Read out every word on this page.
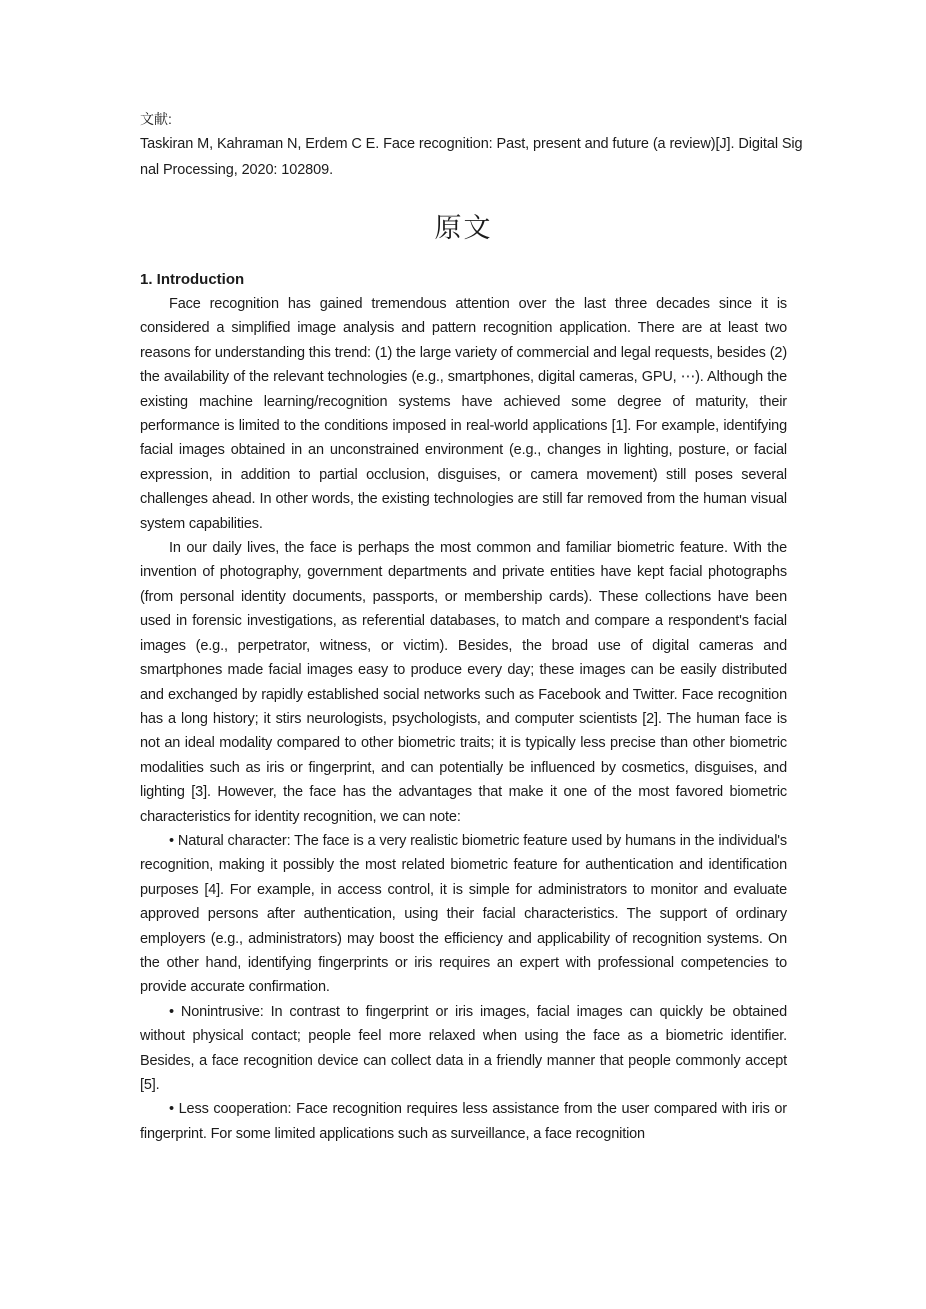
文献:
Taskiran M, Kahraman N, Erdem C E. Face recognition: Past, present and future (a review)[J]. Digital Sig
nal Processing, 2020: 102809.
原文
1. Introduction

Face recognition has gained tremendous attention over the last three decades since it is considered a simplified image analysis and pattern recognition application. There are at least two reasons for understanding this trend: (1) the large variety of commercial and legal requests, besides (2) the availability of the relevant technologies (e.g., smartphones, digital cameras, GPU, ⋯). Although the existing machine learning/recognition systems have achieved some degree of maturity, their performance is limited to the conditions imposed in real-world applications [1]. For example, identifying facial images obtained in an unconstrained environment (e.g., changes in lighting, posture, or facial expression, in addition to partial occlusion, disguises, or camera movement) still poses several challenges ahead. In other words, the existing technologies are still far removed from the human visual system capabilities.

In our daily lives, the face is perhaps the most common and familiar biometric feature. With the invention of photography, government departments and private entities have kept facial photographs (from personal identity documents, passports, or membership cards). These collections have been used in forensic investigations, as referential databases, to match and compare a respondent's facial images (e.g., perpetrator, witness, or victim). Besides, the broad use of digital cameras and smartphones made facial images easy to produce every day; these images can be easily distributed and exchanged by rapidly established social networks such as Facebook and Twitter. Face recognition has a long history; it stirs neurologists, psychologists, and computer scientists [2]. The human face is not an ideal modality compared to other biometric traits; it is typically less precise than other biometric modalities such as iris or fingerprint, and can potentially be influenced by cosmetics, disguises, and lighting [3]. However, the face has the advantages that make it one of the most favored biometric characteristics for identity recognition, we can note:

• Natural character: The face is a very realistic biometric feature used by humans in the individual's recognition, making it possibly the most related biometric feature for authentication and identification purposes [4]. For example, in access control, it is simple for administrators to monitor and evaluate approved persons after authentication, using their facial characteristics. The support of ordinary employers (e.g., administrators) may boost the efficiency and applicability of recognition systems. On the other hand, identifying fingerprints or iris requires an expert with professional competencies to provide accurate confirmation.

• Nonintrusive: In contrast to fingerprint or iris images, facial images can quickly be obtained without physical contact; people feel more relaxed when using the face as a biometric identifier. Besides, a face recognition device can collect data in a friendly manner that people commonly accept [5].

• Less cooperation: Face recognition requires less assistance from the user compared with iris or fingerprint. For some limited applications such as surveillance, a face recognition
